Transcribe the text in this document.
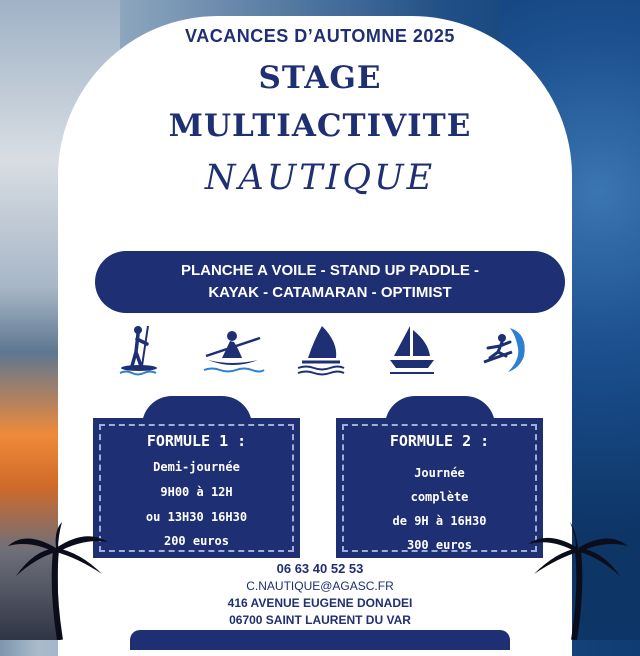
VACANCES D’AUTOMNE 2025
STAGE
MULTIACTIVITE
NAUTIQUE
PLANCHE A VOILE - STAND UP PADDLE -
KAYAK - CATAMARAN - OPTIMIST
FORMULE 1 :
Demi-journée
9H00 à 12H
ou 13H30 16H30
200 euros
FORMULE 2 :
Journée
complète
de 9H à 16H30
300 euros
06 63 40 52 53
C.NAUTIQUE@AGASC.FR
416 AVENUE EUGENE DONADEI
06700 SAINT LAURENT DU VAR
